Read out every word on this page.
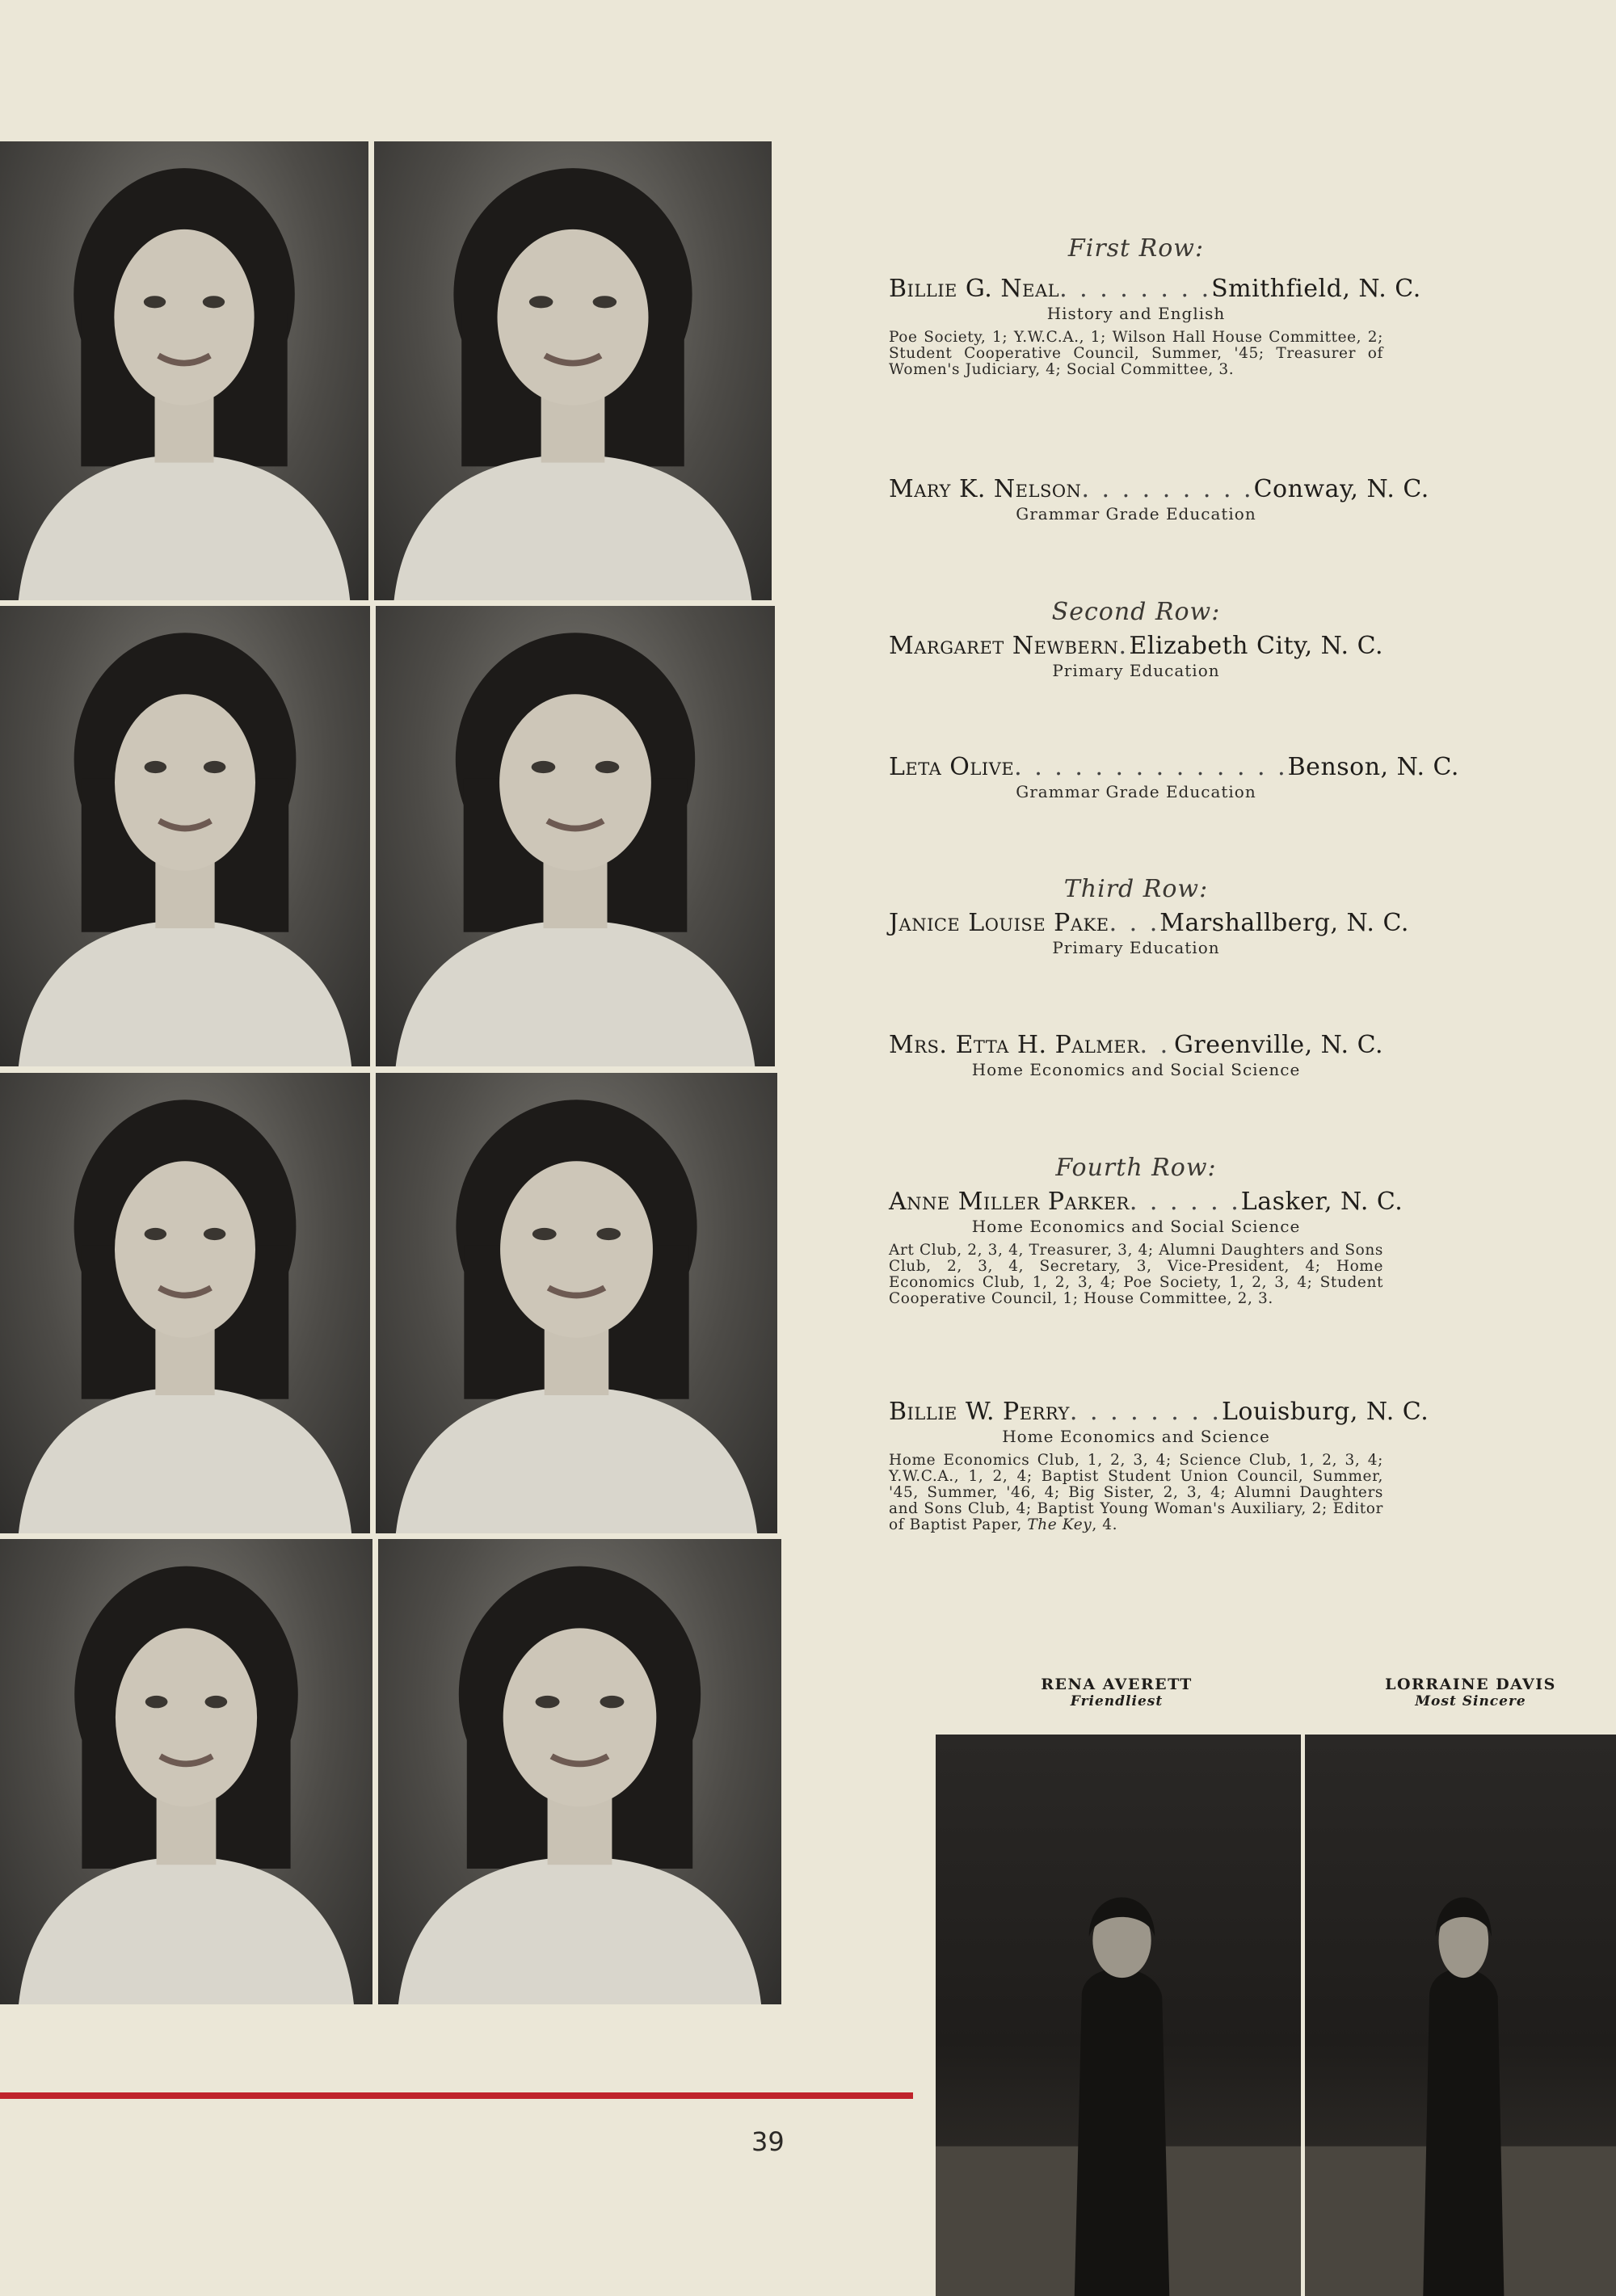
First Row:
Billie G. Neal . . . . . . . . Smithfield, N. C.
History and English
Poe Society, 1; Y.W.C.A., 1; Wilson Hall House Committee, 2; Student Cooperative Council, Summer, '45; Treasurer of Women's Judiciary, 4; Social Committee, 3.
Mary K. Nelson . . . . . . . . . Conway, N. C.
Grammar Grade Education
Second Row:
Margaret Newbern . Elizabeth City, N. C.
Primary Education
Leta Olive . . . . . . . . . . . . . . Benson, N. C.
Grammar Grade Education
Third Row:
Janice Louise Pake . . . Marshallberg, N. C.
Primary Education
Mrs. Etta H. Palmer . . Greenville, N. C.
Home Economics and Social Science
Fourth Row:
Anne Miller Parker . . . . . . Lasker, N. C.
Home Economics and Social Science
Art Club, 2, 3, 4, Treasurer, 3, 4; Alumni Daughters and Sons Club, 2, 3, 4, Secretary, 3, Vice-President, 4; Home Economics Club, 1, 2, 3, 4; Poe Society, 1, 2, 3, 4; Student Cooperative Council, 1; House Committee, 2, 3.
Billie W. Perry . . . . . . . . Louisburg, N. C.
Home Economics and Science
Home Economics Club, 1, 2, 3, 4; Science Club, 1, 2, 3, 4; Y.W.C.A., 1, 2, 4; Baptist Student Union Council, Summer, '45, Summer, '46, 4; Big Sister, 2, 3, 4; Alumni Daughters and Sons Club, 4; Baptist Young Woman's Auxiliary, 2; Editor of Baptist Paper, The Key, 4.
RENA AVERETT
Friendliest
LORRAINE DAVIS
Most Sincere
39
